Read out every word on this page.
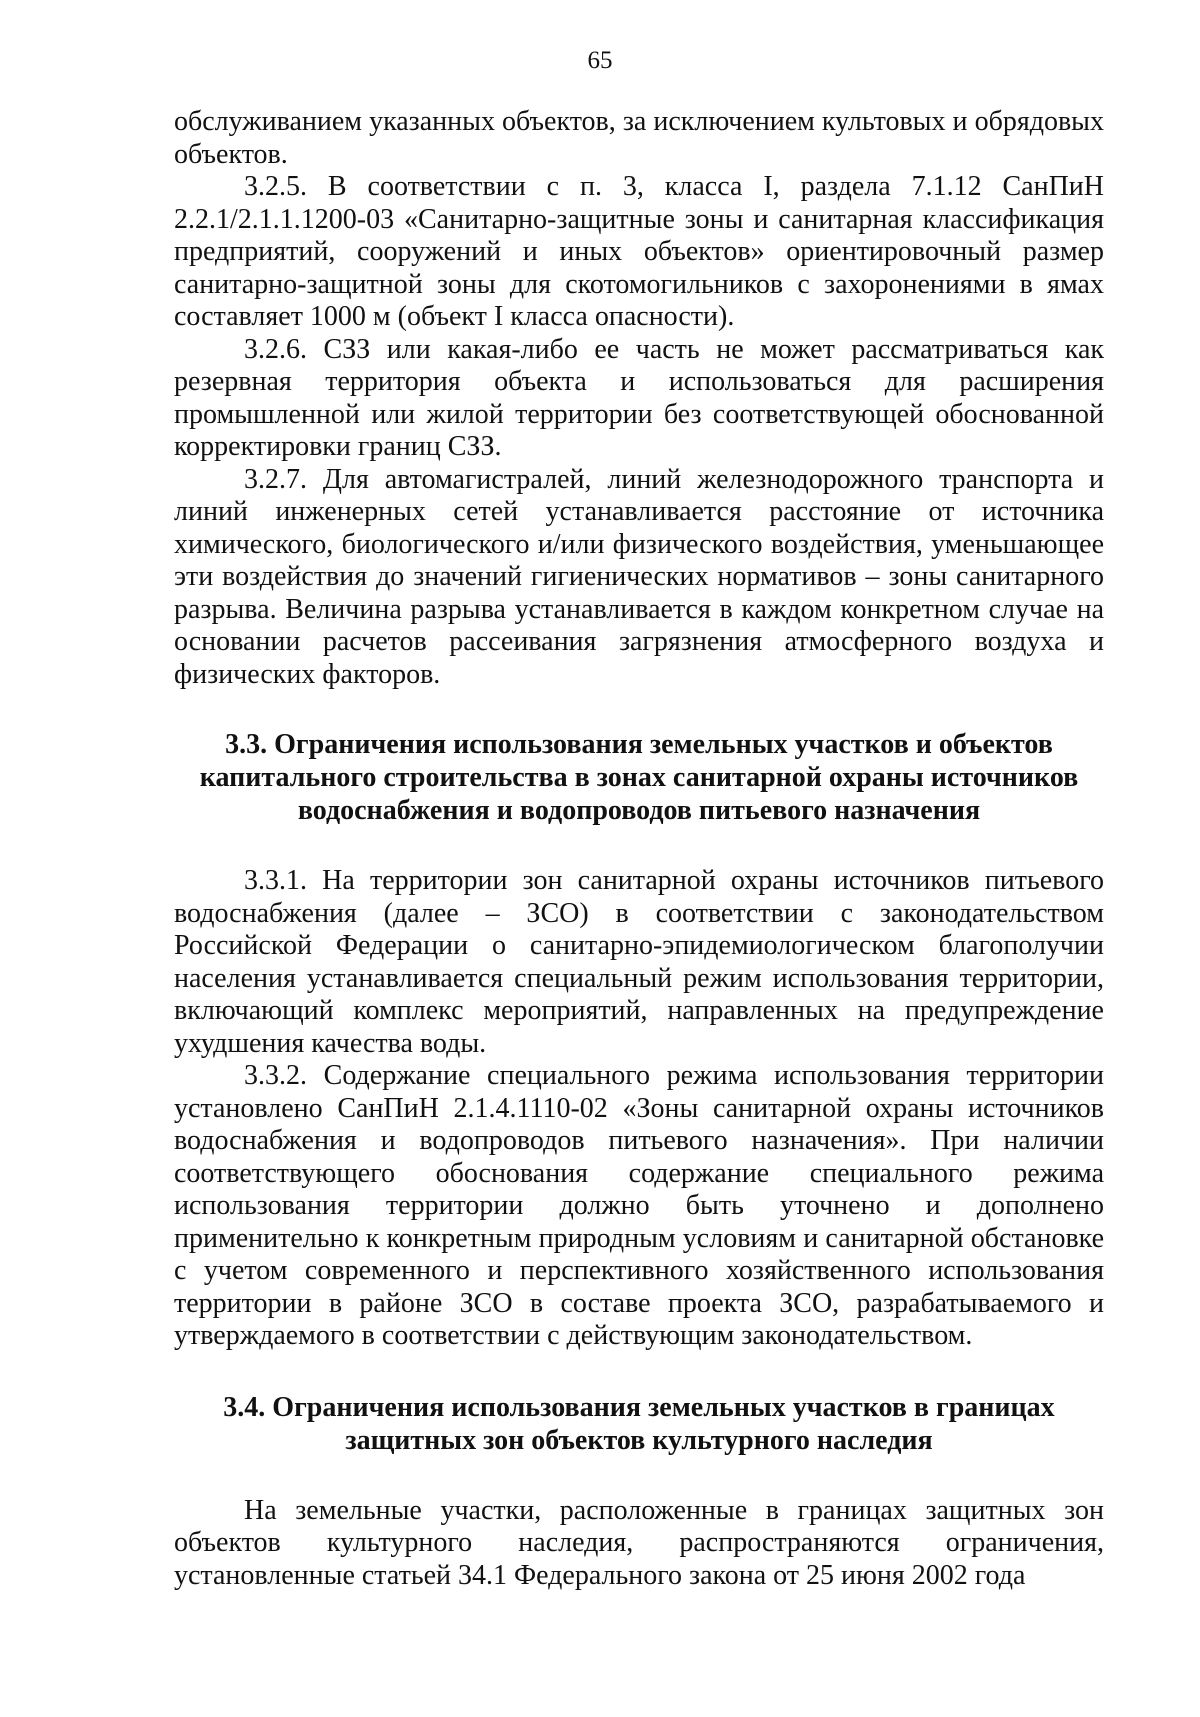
65

обслуживанием указанных объектов, за исключением культовых и обрядовых объектов.

3.2.5. В соответствии с п. 3, класса I, раздела 7.1.12 СанПиН 2.2.1/2.1.1.1200-03 «Санитарно-защитные зоны и санитарная классификация предприятий, сооружений и иных объектов» ориентировочный размер санитарно-защитной зоны для скотомогильников с захоронениями в ямах составляет 1000 м (объект I класса опасности).

3.2.6. СЗЗ или какая-либо ее часть не может рассматриваться как резервная территория объекта и использоваться для расширения промышленной или жилой территории без соответствующей обоснованной корректировки границ СЗЗ.

3.2.7. Для автомагистралей, линий железнодорожного транспорта и линий инженерных сетей устанавливается расстояние от источника химического, биологического и/или физического воздействия, уменьшающее эти воздействия до значений гигиенических нормативов – зоны санитарного разрыва. Величина разрыва устанавливается в каждом конкретном случае на основании расчетов рассеивания загрязнения атмосферного воздуха и физических факторов.

3.3. Ограничения использования земельных участков и объектов капитального строительства в зонах санитарной охраны источников водоснабжения и водопроводов питьевого назначения

3.3.1. На территории зон санитарной охраны источников питьевого водоснабжения (далее – ЗСО) в соответствии с законодательством Российской Федерации о санитарно-эпидемиологическом благополучии населения устанавливается специальный режим использования территории, включающий комплекс мероприятий, направленных на предупреждение ухудшения качества воды.

3.3.2. Содержание специального режима использования территории установлено СанПиН 2.1.4.1110-02 «Зоны санитарной охраны источников водоснабжения и водопроводов питьевого назначения». При наличии соответствующего обоснования содержание специального режима использования территории должно быть уточнено и дополнено применительно к конкретным природным условиям и санитарной обстановке с учетом современного и перспективного хозяйственного использования территории в районе ЗСО в составе проекта ЗСО, разрабатываемого и утверждаемого в соответствии с действующим законодательством.

3.4. Ограничения использования земельных участков в границах защитных зон объектов культурного наследия

На земельные участки, расположенные в границах защитных зон объектов культурного наследия, распространяются ограничения, установленные статьей 34.1 Федерального закона от 25 июня 2002 года
